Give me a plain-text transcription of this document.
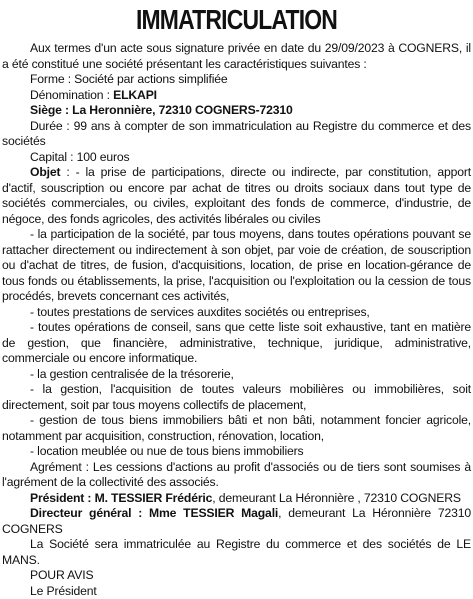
IMMATRICULATION

Aux termes d'un acte sous signature privée en date du 29/09/2023 à COGNERS, il a été constitué une société présentant les caractéristiques suivantes :

Forme : Société par actions simplifiée

Dénomination : ELKAPI

Siège : La Heronnière, 72310 COGNERS-72310

Durée : 99 ans à compter de son immatriculation au Registre du commerce et des sociétés

Capital : 100 euros

Objet : - la prise de participations, directe ou indirecte, par constitution, apport d'actif, souscription ou encore par achat de titres ou droits sociaux dans tout type de sociétés commerciales, ou civiles, exploitant des fonds de commerce, d'industrie, de négoce, des fonds agricoles, des activités libérales ou civiles

- la participation de la société, par tous moyens, dans toutes opérations pouvant se rattacher directement ou indirectement à son objet, par voie de création, de souscription ou d'achat de titres, de fusion, d'acquisitions, location, de prise en location-gérance de tous fonds ou établissements, la prise, l'acquisition ou l'exploitation ou la cession de tous procédés, brevets concernant ces activités,

- toutes prestations de services auxdites sociétés ou entreprises,

- toutes opérations de conseil, sans que cette liste soit exhaustive, tant en matière de gestion, que financière, administrative, technique, juridique, administrative, commerciale ou encore informatique.

- la gestion centralisée de la trésorerie,

- la gestion, l'acquisition de toutes valeurs mobilières ou immobilières, soit directement, soit par tous moyens collectifs de placement,

- gestion de tous biens immobiliers bâti et non bâti, notamment foncier agricole, notamment par acquisition, construction, rénovation, location,

- location meublée ou nue de tous biens immobiliers

Agrément : Les cessions d'actions au profit d'associés ou de tiers sont soumises à l'agrément de la collectivité des associés.

Président : M. TESSIER Frédéric, demeurant La Héronnière , 72310 COGNERS

Directeur général : Mme TESSIER Magali, demeurant La Héronnière 72310 COGNERS

La Société sera immatriculée au Registre du commerce et des sociétés de LE MANS.

POUR AVIS

Le Président
